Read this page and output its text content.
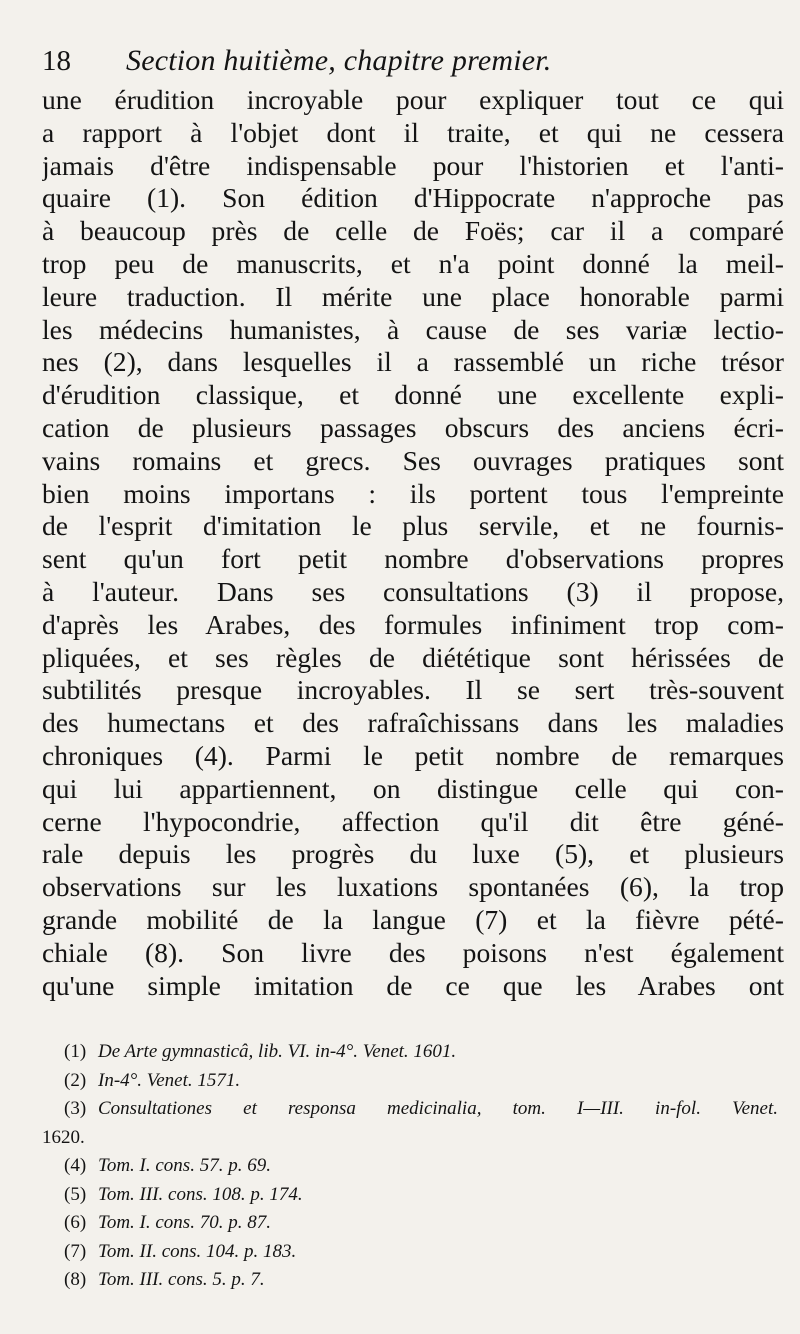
18	Section huitième, chapitre premier.
une érudition incroyable pour expliquer tout ce qui
a rapport à l'objet dont il traite, et qui ne cessera
jamais d'être indispensable pour l'historien et l'anti-
quaire (1). Son édition d'Hippocrate n'approche pas
à beaucoup près de celle de Foës; car il a comparé
trop peu de manuscrits, et n'a point donné la meil-
leure traduction. Il mérite une place honorable parmi
les médecins humanistes, à cause de ses variæ lectio-
nes (2), dans lesquelles il a rassemblé un riche trésor
d'érudition classique, et donné une excellente expli-
cation de plusieurs passages obscurs des anciens écri-
vains romains et grecs. Ses ouvrages pratiques sont
bien moins importans : ils portent tous l'empreinte
de l'esprit d'imitation le plus servile, et ne fournis-
sent qu'un fort petit nombre d'observations propres
à l'auteur. Dans ses consultations (3) il propose,
d'après les Arabes, des formules infiniment trop com-
pliquées, et ses règles de diététique sont hérissées de
subtilités presque incroyables. Il se sert très-souvent
des humectans et des rafraîchissans dans les maladies
chroniques (4). Parmi le petit nombre de remarques
qui lui appartiennent, on distingue celle qui con-
cerne l'hypocondrie, affection qu'il dit être géné-
rale depuis les progrès du luxe (5), et plusieurs
observations sur les luxations spontanées (6), la trop
grande mobilité de la langue (7) et la fièvre pété-
chiale (8). Son livre des poisons n'est également
qu'une simple imitation de ce que les Arabes ont
(1) De Arte gymnasticâ, lib. VI. in-4°. Venet. 1601.
(2) In-4°. Venet. 1571.
(3) Consultationes et responsa medicinalia, tom. I—III. in-fol. Venet.
1620.
(4) Tom. I. cons. 57. p. 69.
(5) Tom. III. cons. 108. p. 174.
(6) Tom. I. cons. 70. p. 87.
(7) Tom. II. cons. 104. p. 183.
(8) Tom. III. cons. 5. p. 7.
